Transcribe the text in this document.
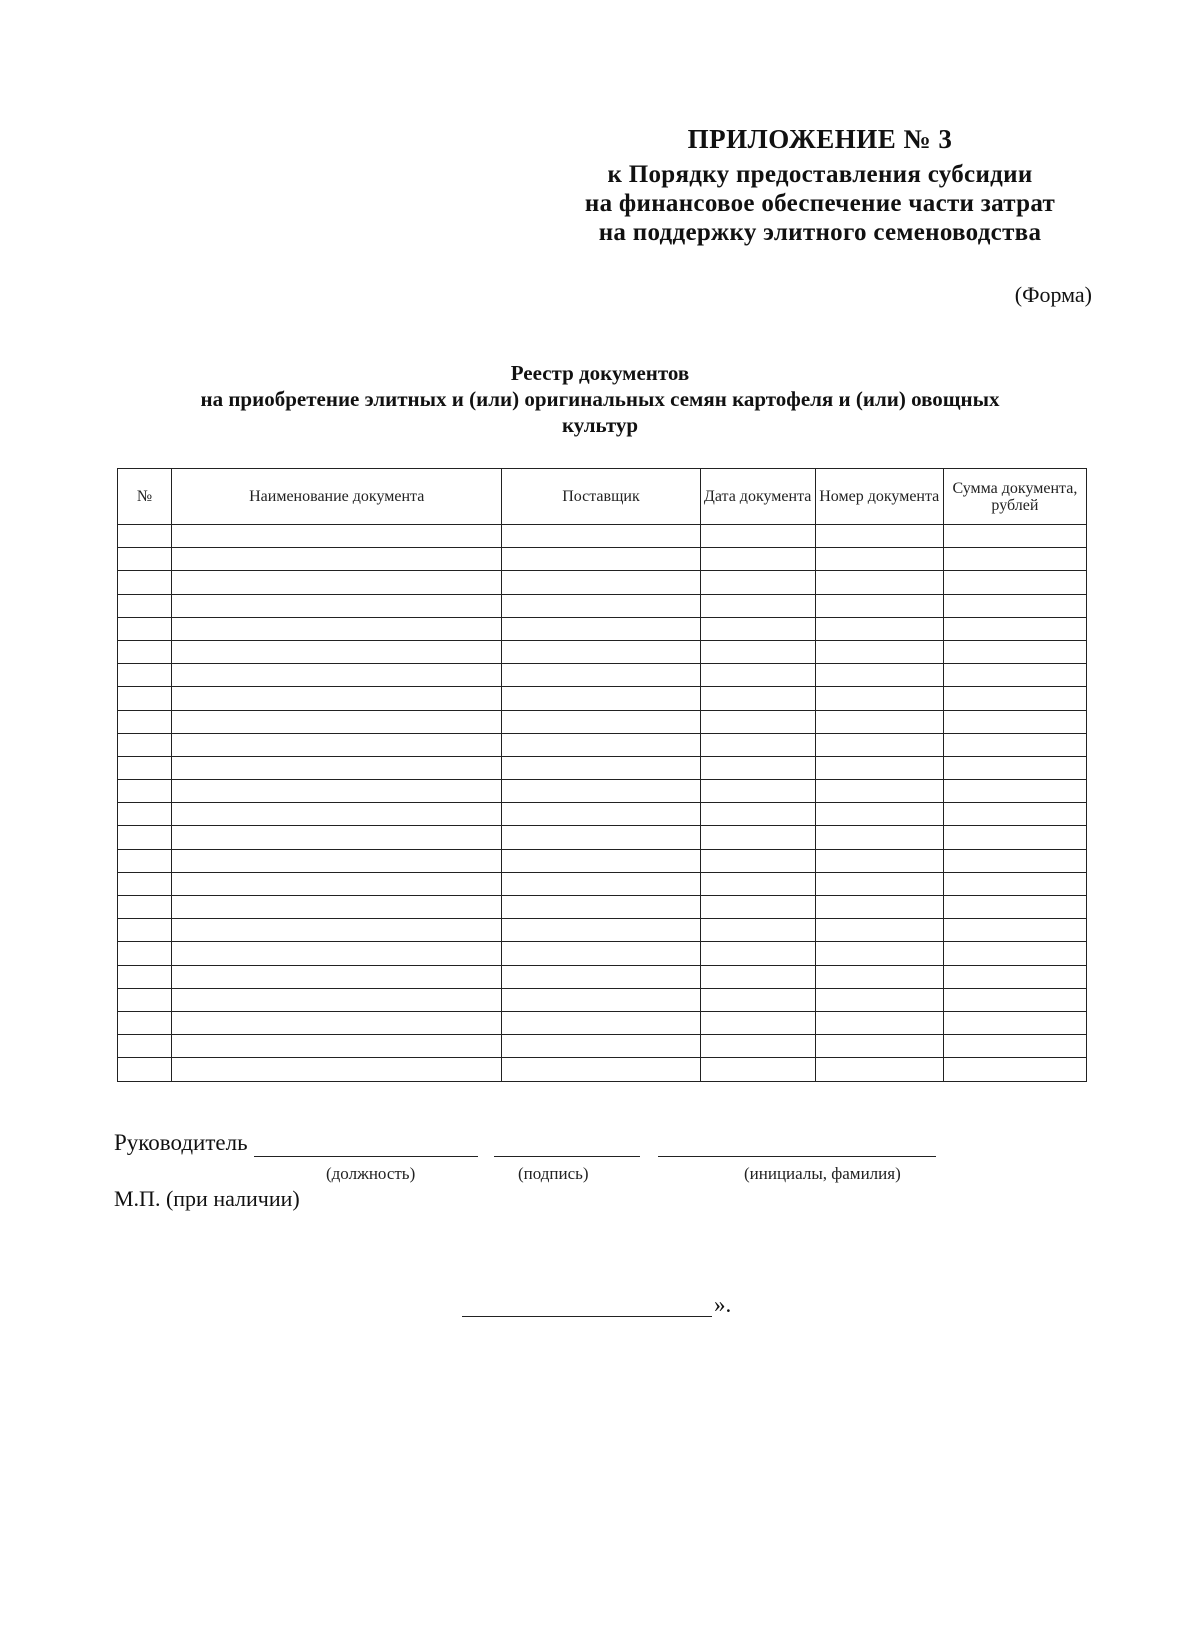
ПРИЛОЖЕНИЕ № 3
к Порядку предоставления субсидии
на финансовое обеспечение части затрат
на поддержку элитного семеноводства
(Форма)
Реестр документов
на приобретение элитных и (или) оригинальных семян картофеля и (или) овощных
культур
№	Наименование документа	Поставщик	Дата документа	Номер документа	Сумма документа, рублей

Руководитель
(должность)	(подпись)	(инициалы, фамилия)
М.П. (при наличии)
».
